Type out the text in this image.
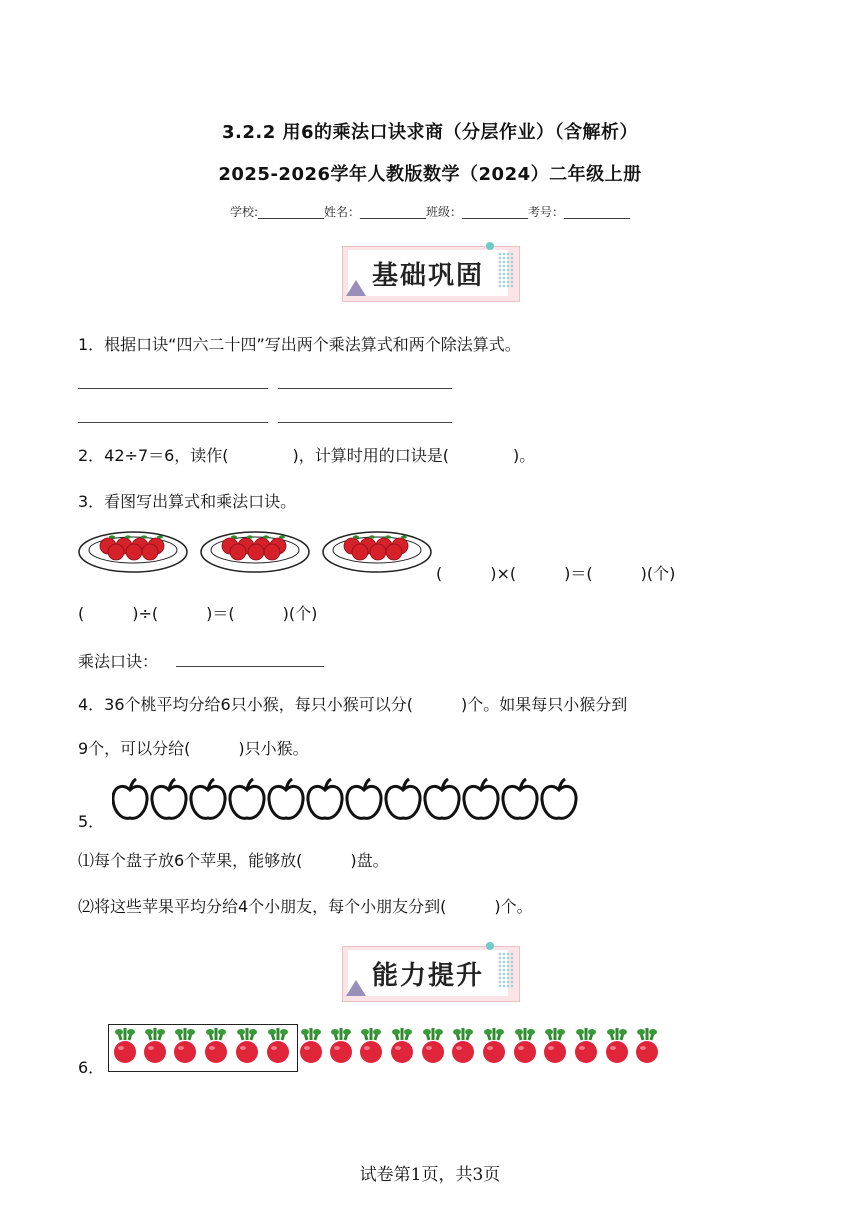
3.2.2 用6的乘法口诀求商（分层作业）（含解析）
2025-2026学年人教版数学（2024）二年级上册
学校:___________姓名：___________班级：___________考号：___________
基础巩固
1．根据口诀“四六二十四”写出两个乘法算式和两个除法算式。
2．42÷7＝6，读作(　　　　)，计算时用的口诀是(　　　　)。
3．看图写出算式和乘法口诀。
(　　　)×(　　　)＝(　　　)(个)
(　　　)÷(　　　)＝(　　　)(个)
乘法口诀：
4．36个桃平均分给6只小猴，每只小猴可以分(　　　)个。如果每只小猴分到
9个，可以分给(　　　)只小猴。
5．
⑴每个盘子放6个苹果，能够放(　　　)盘。
⑵将这些苹果平均分给4个小朋友，每个小朋友分到(　　　)个。
能力提升
6．
试卷第1页，共3页
